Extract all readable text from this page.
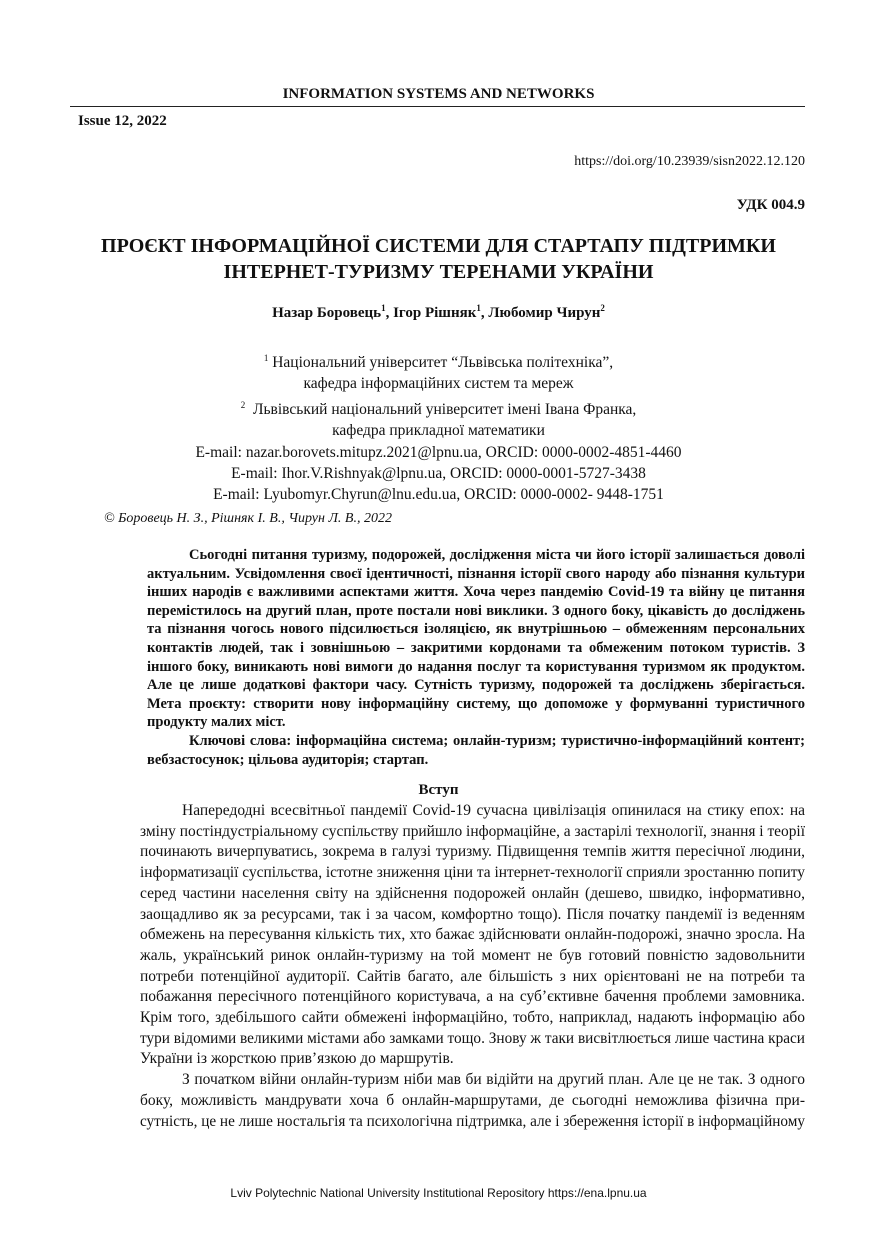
INFORMATION SYSTEMS AND NETWORKS
Issue 12, 2022
https://doi.org/10.23939/sisn2022.12.120
УДК 004.9
ПРОЄКТ ІНФОРМАЦІЙНОЇ СИСТЕМИ ДЛЯ СТАРТАПУ ПІДТРИМКИ
ІНТЕРНЕТ-ТУРИЗМУ ТЕРЕНАМИ УКРАЇНИ
Назар Боровець$^1$, Ігор Рішняк$^1$, Любомир Чирун$^2$
$^1$ Національний університет “Львівська політехніка”,
кафедра інформаційних систем та мереж
$^2$ Львівський національний університет імені Івана Франка,
кафедра прикладної математики
E-mail: nazar.borovets.mitupz.2021@lpnu.ua, ORCID: 0000-0002-4851-4460
E-mail: Ihor.V.Rishnyak@lpnu.ua, ORCID: 0000-0001-5727-3438
E-mail: Lyubomyr.Chyrun@lnu.edu.ua, ORCID: 0000-0002- 9448-1751
© Боровець Н. З., Рішняк І. В., Чирун Л. В., 2022
Сьогодні питання туризму, подорожей, дослідження міста чи його історії залишається доволі
актуальним. Усвідомлення своєї ідентичності, пізнання історії свого народу або пізнання культури
інших народів є важливими аспектами життя. Хоча через пандемію Covid-19 та війну це питання
перемістилось на другий план, проте постали нові виклики. З одного боку, цікавість до досліджень
та пізнання чогось нового підсилюється ізоляцією, як внутрішньою – обмеженням персональних
контактів людей, так і зовнішньою – закритими кордонами та обмеженим потоком туристів. З
іншого боку, виникають нові вимоги до надання послуг та користування туризмом як продуктом.
Але це лише додаткові фактори часу. Сутність туризму, подорожей та досліджень зберігається.
Мета проєкту: створити нову інформаційну систему, що допоможе у формуванні туристичного
продукту малих міст.
Ключові слова: інформаційна система; онлайн-туризм; туристично-інформаційний контент;
вебзастосунок; цільова аудиторія; стартап.
Вступ
Напередодні всесвітньої пандемії Covid-19 сучасна цивілізація опинилася на стику епох: на
зміну постіндустріальному суспільству прийшло інформаційне, а застарілі технології, знання і теорії
починають вичерпуватись, зокрема в галузі туризму. Підвищення темпів життя пересічної людини,
інформатизації суспільства, істотне зниження ціни та інтернет-технології сприяли зростанню попиту
серед частини населення світу на здійснення подорожей онлайн (дешево, швидко, інформативно,
заощадливо як за ресурсами, так і за часом, комфортно тощо). Після початку пандемії із веденням
обмежень на пересування кількість тих, хто бажає здійснювати онлайн-подорожі, значно зросла. На
жаль, український ринок онлайн-туризму на той момент не був готовий повністю задовольнити
потреби потенційної аудиторії. Сайтів багато, але більшість з них орієнтовані не на потреби та
побажання пересічного потенційного користувача, а на суб’єктивне бачення проблеми замовника.
Крім того, здебільшого сайти обмежені інформаційно, тобто, наприклад, надають інформацію або
тури відомими великими містами або замками тощо. Знову ж таки висвітлюється лише частина краси
України із жорсткою прив’язкою до маршрутів.
З початком війни онлайн-туризм ніби мав би відійти на другий план. Але це не так. З одного
боку, можливість мандрувати хоча б онлайн-маршрутами, де сьогодні неможлива фізична при-
сутність, це не лише ностальгія та психологічна підтримка, але і збереження історії в інформаційному
Lviv Polytechnic National University Institutional Repository https://ena.lpnu.ua
